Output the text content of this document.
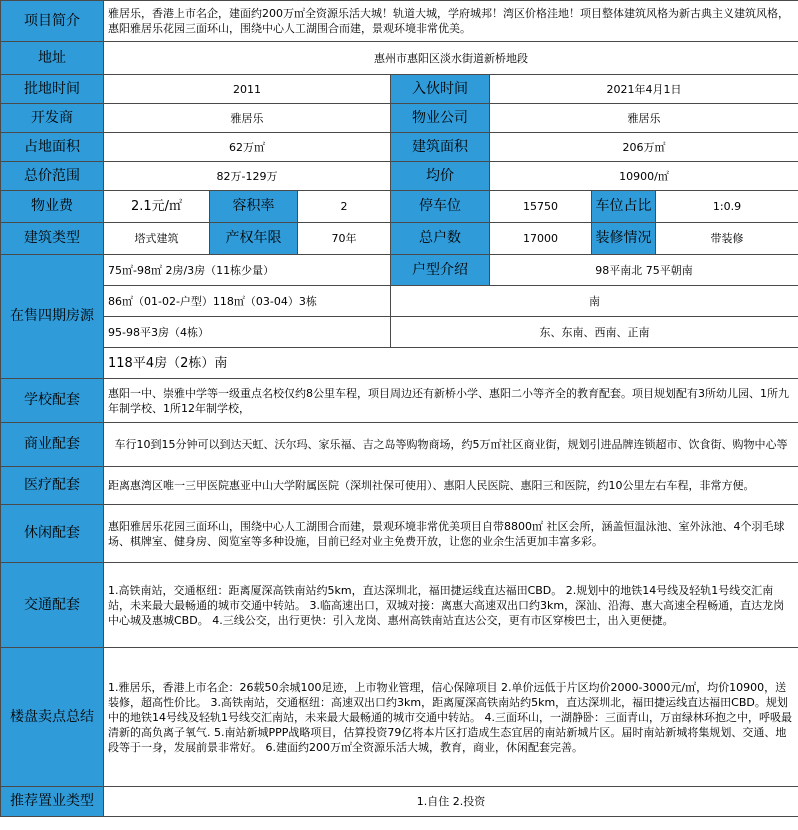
项目简介	雅居乐，香港上市名企，建面约200万㎡全资源乐活大城！轨道大城，学府城邦！湾区价格洼地！项目整体建筑风格为新古典主义建筑风格，惠阳雅居乐花园三面环山，围绕中心人工湖围合而建，景观环境非常优美。						
地址	惠州市惠阳区淡水街道新桥地段						
批地时间	2011			入伙时间	2021年4月1日		
开发商	雅居乐			物业公司	雅居乐		
占地面积	62万㎡			建筑面积	206万㎡		
总价范围	82万-129万			均价	10900/㎡		
物业费	2.1元/㎡	容积率	2	停车位	15750	车位占比	1:0.9
建筑类型	塔式建筑	产权年限	70年	总户数	17000	装修情况	带装修
在售四期房源	75㎡-98㎡ 2房/3房（11栋少量）			户型介绍	98平南北 75平朝南		
	86㎡（01-02-户型）118㎡（03-04）3栋			南			
	95-98平3房（4栋）			东、东南、西南、正南			
	118平4房（2栋）南						
学校配套	惠阳一中、崇雅中学等一级重点名校仅约8公里车程，项目周边还有新桥小学、惠阳二小等齐全的教育配套。项目规划配有3所幼儿园、1所九年制学校、1所12年制学校，						
商业配套	车行10到15分钟可以到达天虹、沃尔玛、家乐福、吉之岛等购物商场，约5万㎡社区商业街，规划引进品牌连锁超市、饮食街、购物中心等						
医疗配套	距离惠湾区唯一三甲医院惠亚中山大学附属医院（深圳社保可使用）、惠阳人民医院、惠阳三和医院，约10公里左右车程，非常方便。						
休闲配套	惠阳雅居乐花园三面环山，围绕中心人工湖围合而建，景观环境非常优美项目自带8800㎡ 社区会所，涵盖恒温泳池、室外泳池、4个羽毛球场、棋牌室、健身房、阅览室等多种设施，目前已经对业主免费开放，让您的业余生活更加丰富多彩。						
交通配套	1.高铁南站，交通枢纽：距离厦深高铁南站约5km，直达深圳北，福田捷运线直达福田CBD。 2.规划中的地铁14号线及轻轨1号线交汇南站，未来最大最畅通的城市交通中转站。 3.临高速出口，双城对接：离惠大高速双出口约3km，深汕、沿海、惠大高速全程畅通，直达龙岗中心城及惠城CBD。 4.三线公交，出行更快：引入龙岗、惠州高铁南站直达公交，更有市区穿梭巴士，出入更便捷。						
楼盘卖点总结	1.雅居乐，香港上市名企：26载50余城100足迹，上市物业管理，信心保障项目 2.单价远低于片区均价2000-3000元/㎡，均价10900，送装修，超高性价比。 3.高铁南站，交通枢纽：高速双出口约3km，距离厦深高铁南站约5km，直达深圳北，福田捷运线直达福田CBD。规划中的地铁14号线及轻轨1号线交汇南站，未来最大最畅通的城市交通中转站。 4.三面环山，一湖静卧：三面青山，万亩绿林环抱之中，呼吸最清新的高负离子氧气. 5.南站新城PPP战略项目，估算投资79亿将本片区打造成生态宜居的南站新城片区。届时南站新城将集规划、交通、地段等于一身，发展前景非常好。 6.建面约200万㎡全资源乐活大城，教育，商业，休闲配套完善。						
推荐置业类型	1.自住 2.投资						
